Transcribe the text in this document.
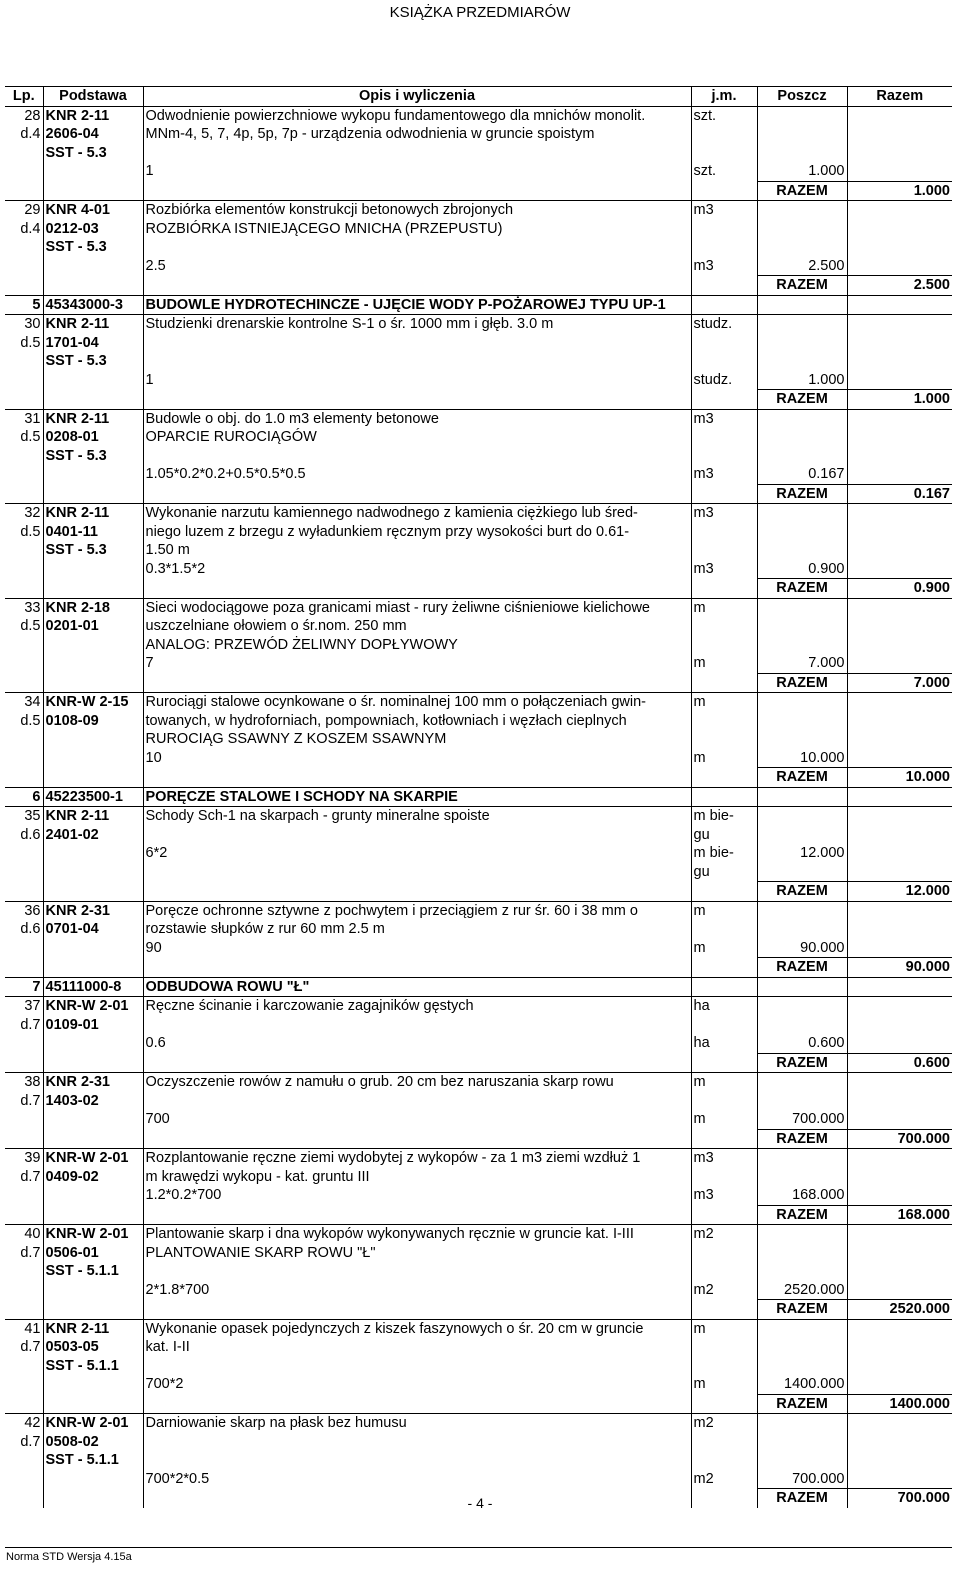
KSIĄŻKA PRZEDMIARÓW
Lp.	Podstawa	Opis i wyliczenia	j.m.	Poszcz	Razem
28	KNR 2-11	Odwodnienie powierzchniowe wykopu fundamentowego dla mnichów monolit.	szt.		
d.4	2606-04	MNm-4, 5, 7, 4p, 5p, 7p - urządzenia odwodnienia w gruncie spoistym			
	SST - 5.3				
		1	szt.	1.000	
				RAZEM	1.000
29	KNR 4-01	Rozbiórka elementów konstrukcji betonowych zbrojonych	m3		
d.4	0212-03	ROZBIÓRKA ISTNIEJĄCEGO MNICHA (PRZEPUSTU)			
	SST - 5.3				
		2.5	m3	2.500	
				RAZEM	2.500
5	45343000-3	BUDOWLE HYDROTECHINCZE - UJĘCIE WODY P-POŻAROWEJ TYPU UP-1			
30	KNR 2-11	Studzienki drenarskie kontrolne S-1 o śr. 1000 mm i głęb. 3.0 m	studz.		
d.5	1701-04				
	SST - 5.3				
		1	studz.	1.000	
				RAZEM	1.000
31	KNR 2-11	Budowle o obj. do 1.0 m3 elementy betonowe	m3		
d.5	0208-01	OPARCIE RUROCIĄGÓW			
	SST - 5.3				
		1.05*0.2*0.2+0.5*0.5*0.5	m3	0.167	
				RAZEM	0.167
32	KNR 2-11	Wykonanie narzutu kamiennego nadwodnego z kamienia ciężkiego lub śred-	m3		
d.5	0401-11	niego luzem z brzegu z wyładunkiem ręcznym przy wysokości burt do 0.61-			
	SST - 5.3	1.50 m			
		0.3*1.5*2	m3	0.900	
				RAZEM	0.900
33	KNR 2-18	Sieci wodociągowe poza granicami miast - rury żeliwne ciśnieniowe kielichowe	m		
d.5	0201-01	uszczelniane ołowiem o śr.nom. 250 mm			
		ANALOG: PRZEWÓD ŻELIWNY DOPŁYWOWY			
		7	m	7.000	
				RAZEM	7.000
34	KNR-W 2-15	Rurociągi stalowe ocynkowane o śr. nominalnej 100 mm o połączeniach gwin-	m		
d.5	0108-09	towanych, w hydroforniach, pompowniach, kotłowniach i węzłach cieplnych			
		RUROCIĄG SSAWNY Z KOSZEM SSAWNYM			
		10	m	10.000	
				RAZEM	10.000
6	45223500-1	PORĘCZE STALOWE I SCHODY NA SKARPIE			
35	KNR 2-11	Schody Sch-1 na skarpach - grunty mineralne spoiste	m bie-		
d.6	2401-02		gu		
		6*2	m bie-	12.000	
			gu		
				RAZEM	12.000
36	KNR 2-31	Poręcze ochronne sztywne z pochwytem i przeciągiem z rur śr. 60 i 38 mm o	m		
d.6	0701-04	rozstawie słupków z rur 60 mm 2.5 m			
		90	m	90.000	
				RAZEM	90.000
7	45111000-8	ODBUDOWA ROWU "Ł"			
37	KNR-W 2-01	Ręczne ścinanie i karczowanie zagajników gęstych	ha		
d.7	0109-01				
		0.6	ha	0.600	
				RAZEM	0.600
38	KNR 2-31	Oczyszczenie rowów z namułu o grub. 20 cm bez naruszania skarp rowu	m		
d.7	1403-02				
		700	m	700.000	
				RAZEM	700.000
39	KNR-W 2-01	Rozplantowanie ręczne ziemi wydobytej z wykopów - za 1 m3 ziemi wzdłuż 1	m3		
d.7	0409-02	m krawędzi wykopu - kat. gruntu III			
		1.2*0.2*700	m3	168.000	
				RAZEM	168.000
40	KNR-W 2-01	Plantowanie skarp i dna wykopów wykonywanych ręcznie w gruncie kat. I-III	m2		
d.7	0506-01	PLANTOWANIE SKARP ROWU "Ł"			
	SST - 5.1.1				
		2*1.8*700	m2	2520.000	
				RAZEM	2520.000
41	KNR 2-11	Wykonanie opasek pojedynczych z kiszek faszynowych o śr. 20 cm w gruncie	m		
d.7	0503-05	kat. I-II			
	SST - 5.1.1				
		700*2	m	1400.000	
				RAZEM	1400.000
42	KNR-W 2-01	Darniowanie skarp na płask bez humusu	m2		
d.7	0508-02				
	SST - 5.1.1				
		700*2*0.5	m2	700.000	
				RAZEM	700.000
- 4 -
Norma STD Wersja 4.15a
